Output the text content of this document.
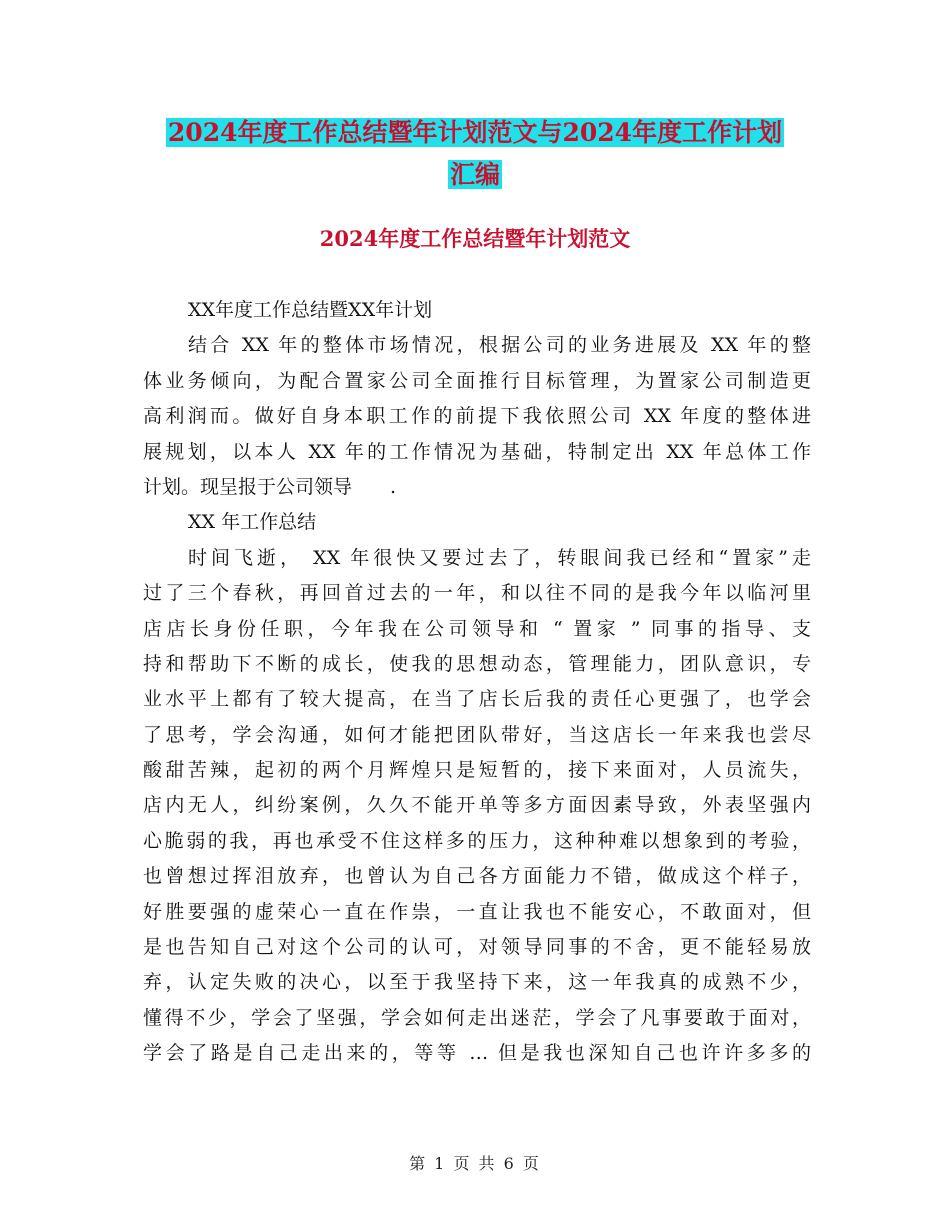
2024年度工作总结暨年计划范文与2024年度工作计划
汇编
2024年度工作总结暨年计划范文
XX年度工作总结暨XX年计划
结合 XX 年的整体市场情况，根据公司的业务进展及 XX 年的整
体业务倾向，为配合置家公司全面推行目标管理，为置家公司制造更
高利润而。做好自身本职工作的前提下我依照公司 XX 年度的整体进
展规划，以本人 XX 年的工作情况为基础，特制定出 XX 年总体工作
计划。现呈报于公司领导　　.
XX 年工作总结
时间飞逝， XX 年很快又要过去了，转眼间我已经和“置家”走
过了三个春秋，再回首过去的一年，和以往不同的是我今年以临河里
店店长身份任职，今年我在公司领导和 “ 置家 ” 同事的指导、支
持和帮助下不断的成长，使我的思想动态，管理能力，团队意识，专
业水平上都有了较大提高，在当了店长后我的责任心更强了，也学会
了思考，学会沟通，如何才能把团队带好，当这店长一年来我也尝尽
酸甜苦辣，起初的两个月辉煌只是短暂的，接下来面对，人员流失，
店内无人，纠纷案例，久久不能开单等多方面因素导致，外表坚强内
心脆弱的我，再也承受不住这样多的压力，这种种难以想象到的考验，
也曾想过挥泪放弃，也曾认为自己各方面能力不错，做成这个样子，
好胜要强的虚荣心一直在作祟，一直让我也不能安心，不敢面对，但
是也告知自己对这个公司的认可，对领导同事的不舍，更不能轻易放
弃，认定失败的决心，以至于我坚持下来，这一年我真的成熟不少，
懂得不少，学会了坚强，学会如何走出迷茫，学会了凡事要敢于面对，
学会了路是自己走出来的，等等 … 但是我也深知自己也许许多多的
第 1 页 共 6 页
